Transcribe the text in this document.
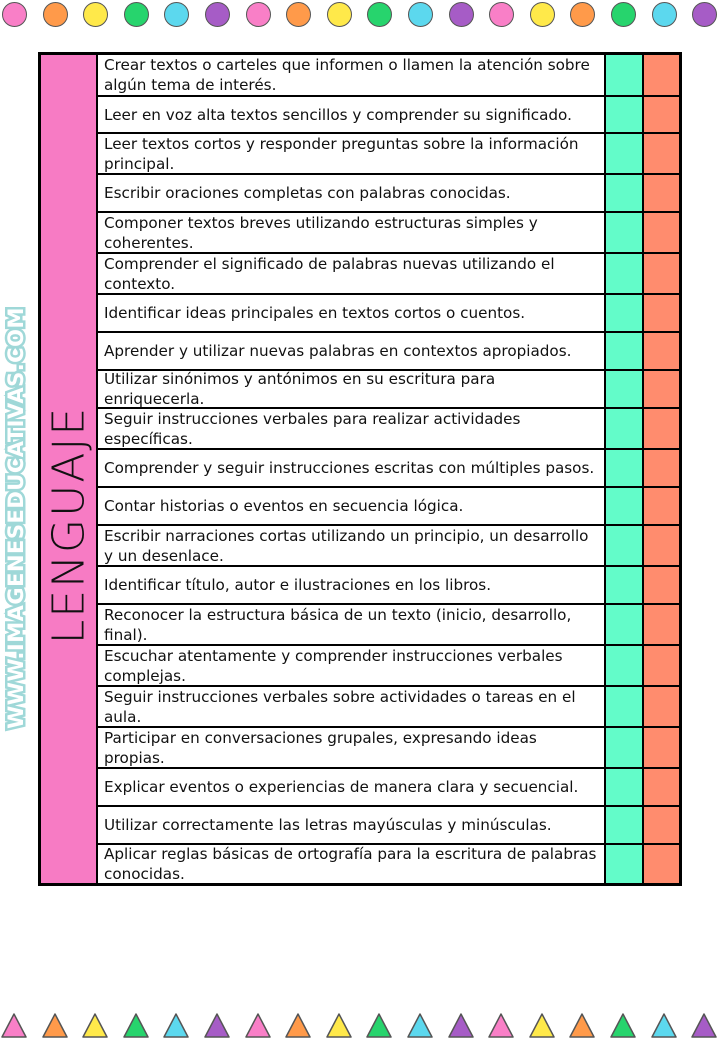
WWW.IMAGENESEDUCATIVAS.COM LENGUAJE
Crear textos o carteles que informen o llamen la atención sobre algún tema de interés.
Leer en voz alta textos sencillos y comprender su significado.
Leer textos cortos y responder preguntas sobre la información principal.
Escribir oraciones completas con palabras conocidas.
Componer textos breves utilizando estructuras simples y coherentes.
Comprender el significado de palabras nuevas utilizando el contexto.
Identificar ideas principales en textos cortos o cuentos.
Aprender y utilizar nuevas palabras en contextos apropiados.
Utilizar sinónimos y antónimos en su escritura para enriquecerla.
Seguir instrucciones verbales para realizar actividades específicas.
Comprender y seguir instrucciones escritas con múltiples pasos.
Contar historias o eventos en secuencia lógica.
Escribir narraciones cortas utilizando un principio, un desarrollo y un desenlace.
Identificar título, autor e ilustraciones en los libros.
Reconocer la estructura básica de un texto (inicio, desarrollo, final).
Escuchar atentamente y comprender instrucciones verbales complejas.
Seguir instrucciones verbales sobre actividades o tareas en el aula.
Participar en conversaciones grupales, expresando ideas propias.
Explicar eventos o experiencias de manera clara y secuencial.
Utilizar correctamente las letras mayúsculas y minúsculas.
Aplicar reglas básicas de ortografía para la escritura de palabras conocidas.
